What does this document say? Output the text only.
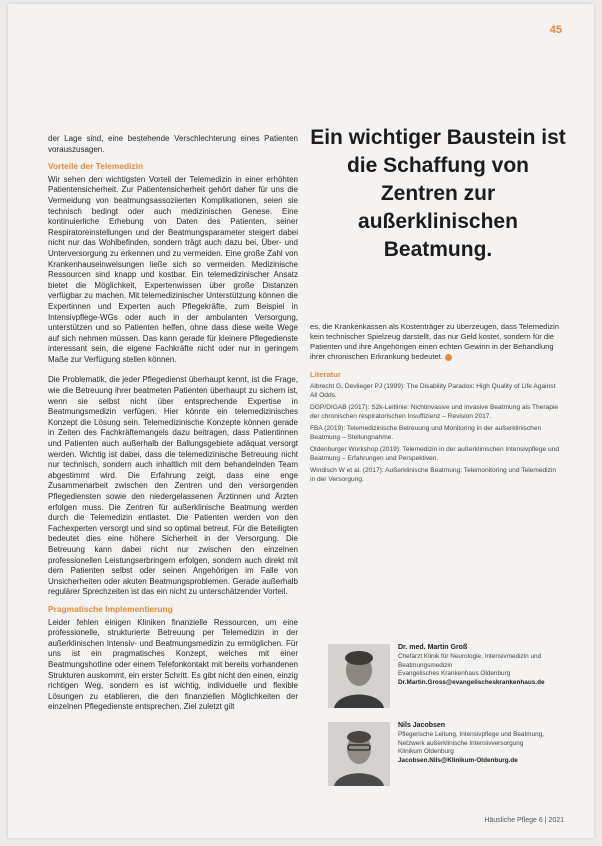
45

der Lage sind, eine bestehende Verschlechterung eines Patienten vorauszusagen.

Vorteile der Telemedizin

Wir sehen den wichtigsten Vorteil der Telemedizin in einer erhöhten Patientensicherheit. Zur Patientensicherheit gehört daher für uns die Vermeidung von beatmungsassoziierten Komplikationen, seien sie technisch bedingt oder auch medizinischen Genese. Eine kontinuierliche Erhebung von Daten des Patienten, seiner Respiratoreinstellungen und der Beatmungsparameter steigert dabei nicht nur das Wohlbefinden, sondern trägt auch dazu bei, Über- und Unterversorgung zu erkennen und zu vermeiden. Eine große Zahl von Krankenhauseinweisungen ließe sich so vermeiden. Medizinische Ressourcen sind knapp und kostbar. Ein telemedizinischer Ansatz bietet die Möglichkeit, Expertenwissen über große Distanzen verfügbar zu machen. Mit telemedizinischer Unterstützung können die Expertinnen und Experten auch Pflegekräfte, zum Beispiel in Intensivpflege-WGs oder auch in der ambulanten Versorgung, unterstützen und so Patienten helfen, ohne dass diese weite Wege auf sich nehmen müssen. Das kann gerade für kleinere Pflegedienste interessant sein, die eigene Fachkräfte nicht oder nur in geringem Maße zur Verfügung stellen können.

Die Problematik, die jeder Pflegedienst überhaupt kennt, ist die Frage, wie die Betreuung ihrer beatmeten Patienten überhaupt zu sichern ist, wenn sie selbst nicht über entsprechende Expertise in Beatmungsmedizin verfügen. Hier könnte ein telemedizinisches Konzept die Lösung sein. Telemedizinische Konzepte können gerade in Zeiten des Fachkräftemangels dazu beitragen, dass Patientinnen und Patienten auch außerhalb der Ballungsgebiete adäquat versorgt werden. Wichtig ist dabei, dass die telemedizinische Betreuung nicht nur technisch, sondern auch inhaltlich mit dem behandelnden Team abgestimmt wird. Die Erfahrung zeigt, dass eine enge Zusammenarbeit zwischen den Zentren und den versorgenden Pflegediensten sowie den niedergelassenen Ärztinnen und Ärzten erfolgen muss. Die Zentren für außerklinische Beatmung werden durch die Telemedizin entlastet. Die Patienten werden von den Fachexperten versorgt und sind so optimal betreut. Für die Beteiligten bedeutet dies eine höhere Sicherheit in der Versorgung. Die Betreuung kann dabei nicht nur zwischen den einzelnen professionellen Leistungserbringern erfolgen, sondern auch direkt mit dem Patienten selbst oder seinen Angehörigen im Falle von Unsicherheiten oder akuten Beatmungsproblemen. Gerade außerhalb regulärer Sprechzeiten ist das ein nicht zu unterschätzender Vorteil.

Pragmatische Implementierung

Leider fehlen einigen Kliniken finanzielle Ressourcen, um eine professionelle, strukturierte Betreuung per Telemedizin in der außerklinischen Intensiv- und Beatmungsmedizin zu ermöglichen. Für uns ist ein pragmatisches Konzept, welches mit einer Beatmungshotline oder einem Telefonkontakt mit bereits vorhandenen Strukturen auskommt, ein erster Schritt. Es gibt nicht den einen, einzig richtigen Weg, sondern es ist wichtig, individuelle und flexible Lösungen zu etablieren, die den finanziellen Möglichkeiten der einzelnen Pflegedienste entsprechen. Ziel zuletzt gilt

Ein wichtiger Baustein ist die Schaffung von Zentren zur außerklinischen Beatmung.

es, die Krankenkassen als Kostenträger zu überzeugen, dass Telemedizin kein technischer Spielzeug darstellt, das nur Geld kostet, sondern für die Patienten und ihre Angehörigen einen echten Gewinn in der Behandlung ihrer chronischen Erkrankung bedeutet.

Literatur
Albrecht G, Devlieger PJ (1999): The Disability Paradox: High Quality of Life Against All Odds.
DGP/DIGAB (2017): S2k-Leitlinie: Nichtinvasive und invasive Beatmung als Therapie der chronischen respiratorischen Insuffizienz – Revision 2017.
FBA (2019): Telemedizinische Betreuung und Monitoring in der außerklinischen Beatmung – Stellungnahme.
Oldenburger Workshop (2019): Telemedizin in der außerklinischen Intensivpflege und Beatmung – Erfahrungen und Perspektiven.
Windisch W et al. (2017): Außerklinische Beatmung: Telemonitoring und Telemedizin in der Versorgung.
Dr. med. Martin Groß
Chefarzt Klinik für Neurologie, Intensivmedizin und Beatmungsmedizin
Evangelisches Krankenhaus Oldenburg
Dr.Martin.Gross@evangelischeskrankenhaus.de
Nils Jacobsen
Pflegerische Leitung, Intensivpflege und Beatmung, Netzwerk außerklinische Intensivversorgung
Klinikum Oldenburg
Jacobsen.Nils@Klinikum-Oldenburg.de
Häusliche Pflege 6 | 2021
